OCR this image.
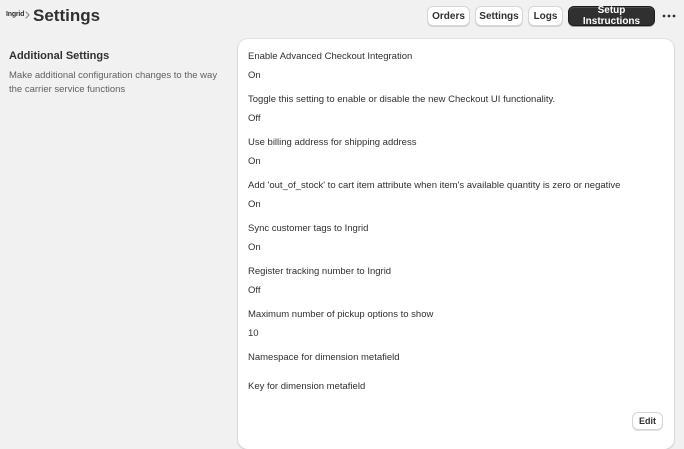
Ingrid Settings	Orders	Settings	Logs	Setup Instructions
Additional Settings

Make additional configuration changes to the way the carrier service functions

Enable Advanced Checkout Integration
On
Toggle this setting to enable or disable the new Checkout UI functionality.
Off
Use billing address for shipping address
On
Add 'out_of_stock' to cart item attribute when item's available quantity is zero or negative
On
Sync customer tags to Ingrid
On
Register tracking number to Ingrid
Off
Maximum number of pickup options to show
10
Namespace for dimension metafield
Key for dimension metafield
Edit
